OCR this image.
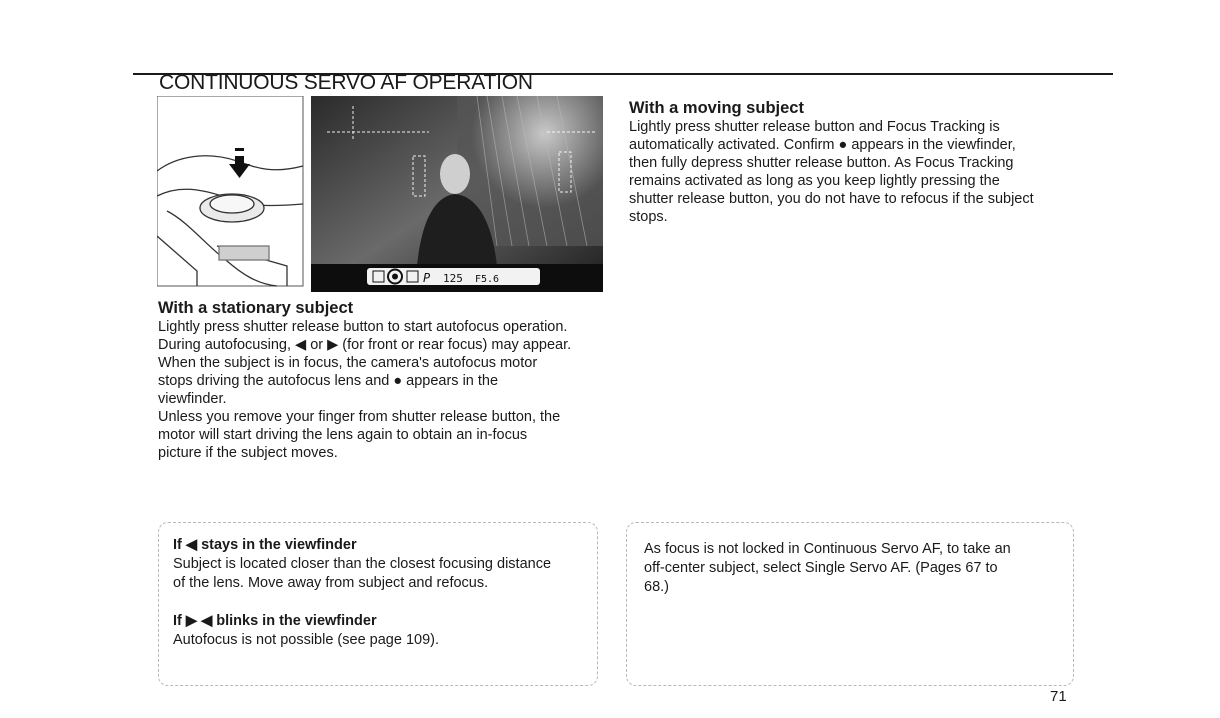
CONTINUOUS SERVO AF OPERATION
P 125 F5.6
With a moving subject
Lightly press shutter release button and Focus Tracking is
automatically activated. Confirm ● appears in the viewfinder,
then fully depress shutter release button. As Focus Tracking
remains activated as long as you keep lightly pressing the
shutter release button, you do not have to refocus if the subject
stops.
With a stationary subject
Lightly press shutter release button to start autofocus operation.
During autofocusing, ◀ or ▶ (for front or rear focus) may appear.
When the subject is in focus, the camera's autofocus motor
stops driving the autofocus lens and ● appears in the
viewfinder.
Unless you remove your finger from shutter release button, the
motor will start driving the lens again to obtain an in-focus
picture if the subject moves.
If ◀ stays in the viewfinder
Subject is located closer than the closest focusing distance
of the lens. Move away from subject and refocus.
If ▶ ◀ blinks in the viewfinder
Autofocus is not possible (see page 109).
As focus is not locked in Continuous Servo AF, to take an
off-center subject, select Single Servo AF. (Pages 67 to
68.)
71
